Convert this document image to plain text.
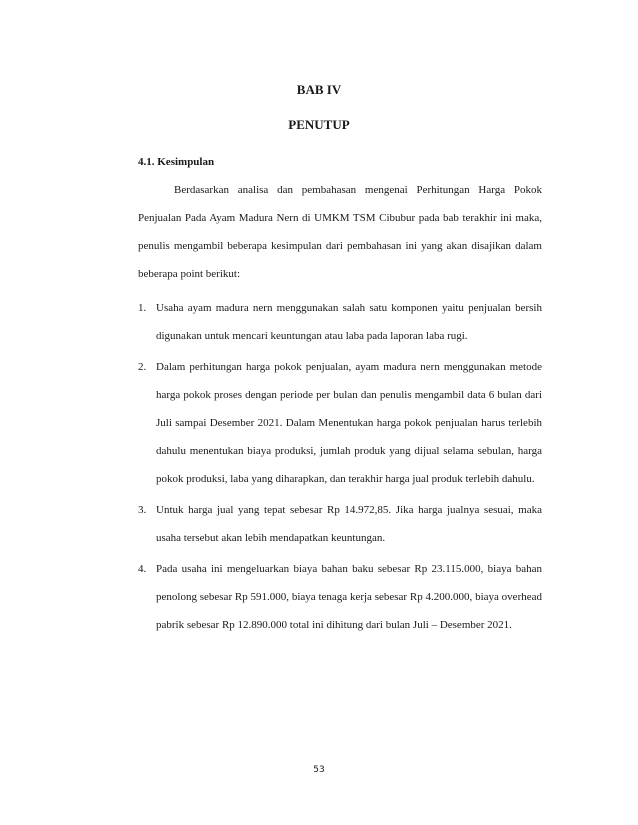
BAB IV
PENUTUP
4.1. Kesimpulan

Berdasarkan analisa dan pembahasan mengenai Perhitungan Harga Pokok Penjualan Pada Ayam Madura Nern di UMKM TSM Cibubur pada bab terakhir ini maka, penulis mengambil beberapa kesimpulan dari pembahasan ini yang akan disajikan dalam beberapa point berikut:

1. Usaha ayam madura nern menggunakan salah satu komponen yaitu penjualan bersih digunakan untuk mencari keuntungan atau laba pada laporan laba rugi.
2. Dalam perhitungan harga pokok penjualan, ayam madura nern menggunakan metode harga pokok proses dengan periode per bulan dan penulis mengambil data 6 bulan dari Juli sampai Desember 2021. Dalam Menentukan harga pokok penjualan harus terlebih dahulu menentukan biaya produksi, jumlah produk yang dijual selama sebulan, harga pokok produksi, laba yang diharapkan, dan terakhir harga jual produk terlebih dahulu.
3. Untuk harga jual yang tepat sebesar Rp 14.972,85. Jika harga jualnya sesuai, maka usaha tersebut akan lebih mendapatkan keuntungan.
4. Pada usaha ini mengeluarkan biaya bahan baku sebesar Rp 23.115.000, biaya bahan penolong sebesar Rp 591.000, biaya tenaga kerja sebesar Rp 4.200.000, biaya overhead pabrik sebesar Rp 12.890.000 total ini dihitung dari bulan Juli – Desember 2021.
53
